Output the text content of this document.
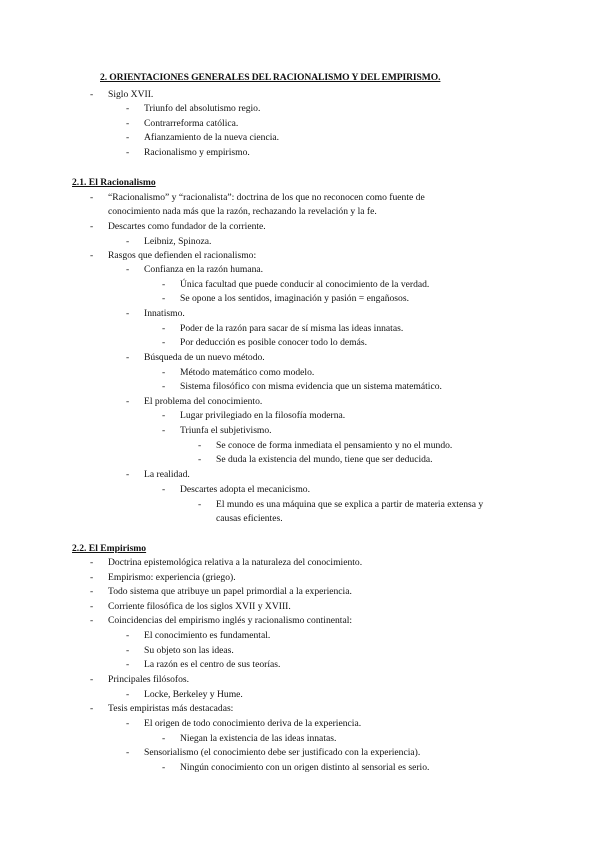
2. ORIENTACIONES GENERALES DEL RACIONALISMO Y DEL EMPIRISMO.
- Siglo XVII.
- Triunfo del absolutismo regio.
- Contrarreforma católica.
- Afianzamiento de la nueva ciencia.
- Racionalismo y empirismo.
2.1. El Racionalismo
- “Racionalismo” y “racionalista”: doctrina de los que no reconocen como fuente de
conocimiento nada más que la razón, rechazando la revelación y la fe.
- Descartes como fundador de la corriente.
- Leibniz, Spinoza.
- Rasgos que defienden el racionalismo:
- Confianza en la razón humana.
- Única facultad que puede conducir al conocimiento de la verdad.
- Se opone a los sentidos, imaginación y pasión = engañosos.
- Innatismo.
- Poder de la razón para sacar de sí misma las ideas innatas.
- Por deducción es posible conocer todo lo demás.
- Búsqueda de un nuevo método.
- Método matemático como modelo.
- Sistema filosófico con misma evidencia que un sistema matemático.
- El problema del conocimiento.
- Lugar privilegiado en la filosofía moderna.
- Triunfa el subjetivismo.
- Se conoce de forma inmediata el pensamiento y no el mundo.
- Se duda la existencia del mundo, tiene que ser deducida.
- La realidad.
- Descartes adopta el mecanicismo.
- El mundo es una máquina que se explica a partir de materia extensa y
causas eficientes.
2.2. El Empirismo
- Doctrina epistemológica relativa a la naturaleza del conocimiento.
- Empirismo: experiencia (griego).
- Todo sistema que atribuye un papel primordial a la experiencia.
- Corriente filosófica de los siglos XVII y XVIII.
- Coincidencias del empirismo inglés y racionalismo continental:
- El conocimiento es fundamental.
- Su objeto son las ideas.
- La razón es el centro de sus teorías.
- Principales filósofos.
- Locke, Berkeley y Hume.
- Tesis empiristas más destacadas:
- El origen de todo conocimiento deriva de la experiencia.
- Niegan la existencia de las ideas innatas.
- Sensorialismo (el conocimiento debe ser justificado con la experiencia).
- Ningún conocimiento con un origen distinto al sensorial es serio.
